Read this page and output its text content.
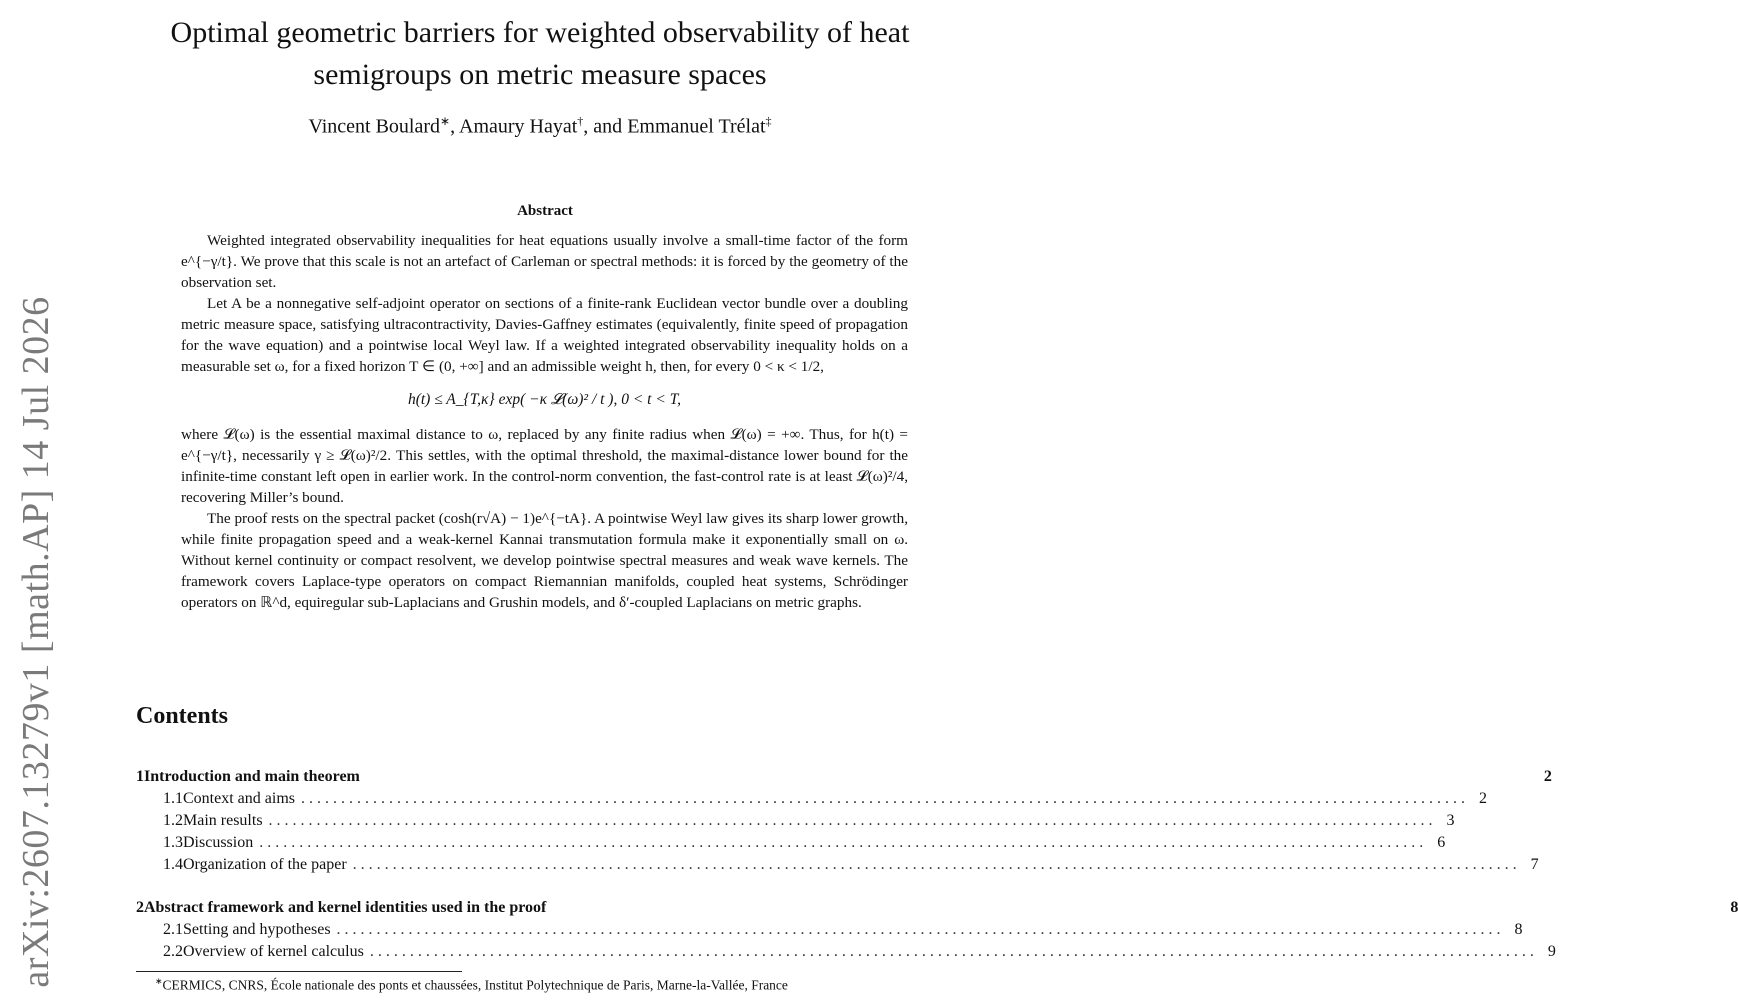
arXiv:2607.13279v1 [math.AP] 14 Jul 2026
Optimal geometric barriers for weighted observability of heat
semigroups on metric measure spaces
Vincent Boulard∗, Amaury Hayat†, and Emmanuel Trélat‡
Abstract

Weighted integrated observability inequalities for heat equations usually involve a small-time factor of the form e^{−γ/t}. We prove that this scale is not an artefact of Carleman or spectral methods: it is forced by the geometry of the observation set.

Let A be a nonnegative self-adjoint operator on sections of a finite-rank Euclidean vector bundle over a doubling metric measure space, satisfying ultracontractivity, Davies-Gaffney estimates (equivalently, finite speed of propagation for the wave equation) and a pointwise local Weyl law. If a weighted integrated observability inequality holds on a measurable set ω, for a fixed horizon T ∈ (0, +∞] and an admissible weight h, then, for every 0 < κ < 1/2,

h(t) ≤ A_{T,κ} exp( −κ 𝓛(ω)² / t ), 0 < t < T,

where 𝓛(ω) is the essential maximal distance to ω, replaced by any finite radius when 𝓛(ω) = +∞. Thus, for h(t) = e^{−γ/t}, necessarily γ ≥ 𝓛(ω)²/2. This settles, with the optimal threshold, the maximal-distance lower bound for the infinite-time constant left open in earlier work. In the control-norm convention, the fast-control rate is at least 𝓛(ω)²/4, recovering Miller’s bound.

The proof rests on the spectral packet (cosh(r√A) − 1)e^{−tA}. A pointwise Weyl law gives its sharp lower growth, while finite propagation speed and a weak-kernel Kannai transmutation formula make it exponentially small on ω. Without kernel continuity or compact resolvent, we develop pointwise spectral measures and weak wave kernels. The framework covers Laplace-type operators on compact Riemannian manifolds, coupled heat systems, Schrödinger operators on ℝ^d, equiregular sub-Laplacians and Grushin models, and δ′-coupled Laplacians on metric graphs.

Contents
1 Introduction and main theorem	2
1.1 Context and aims .................................................................................................................................................. 2
1.2 Main results .................................................................................................................................................. 3
1.3 Discussion .................................................................................................................................................. 6
1.4 Organization of the paper .................................................................................................................................................. 7
2 Abstract framework and kernel identities used in the proof	8
2.1 Setting and hypotheses .................................................................................................................................................. 8
2.2 Overview of kernel calculus .................................................................................................................................................. 9
∗CERMICS, CNRS, École nationale des ponts et chaussées, Institut Polytechnique de Paris, Marne-la-Vallée, France
